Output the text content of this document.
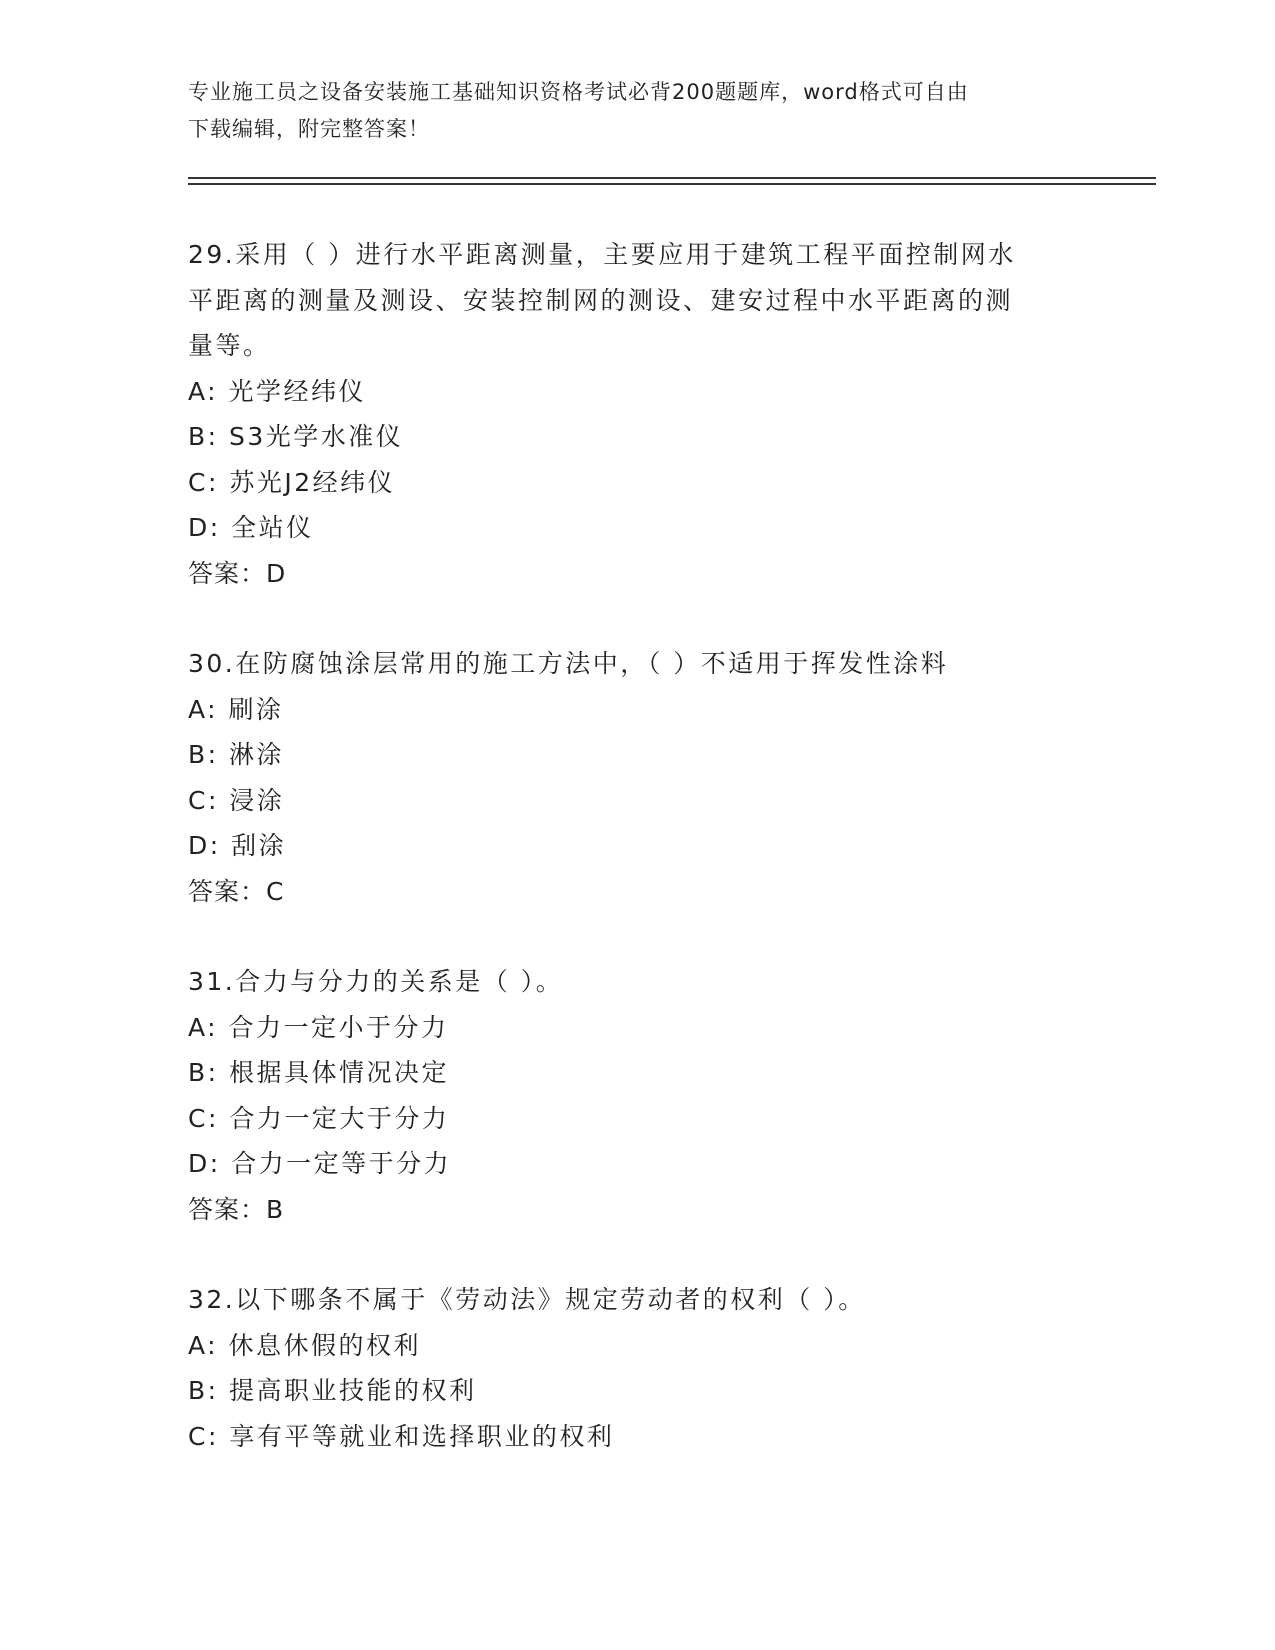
专业施工员之设备安装施工基础知识资格考试必背200题题库，word格式可自由
下载编辑，附完整答案！
29.采用（ ）进行水平距离测量，主要应用于建筑工程平面控制网水
平距离的测量及测设、安装控制网的测设、建安过程中水平距离的测
量等。
A: 光学经纬仪
B: S3光学水准仪
C: 苏光J2经纬仪
D: 全站仪
答案：D
30.在防腐蚀涂层常用的施工方法中，（ ）不适用于挥发性涂料
A: 刷涂
B: 淋涂
C: 浸涂
D: 刮涂
答案：C
31.合力与分力的关系是（ ）。
A: 合力一定小于分力
B: 根据具体情况决定
C: 合力一定大于分力
D: 合力一定等于分力
答案：B
32.以下哪条不属于《劳动法》规定劳动者的权利（ ）。
A: 休息休假的权利
B: 提高职业技能的权利
C: 享有平等就业和选择职业的权利
